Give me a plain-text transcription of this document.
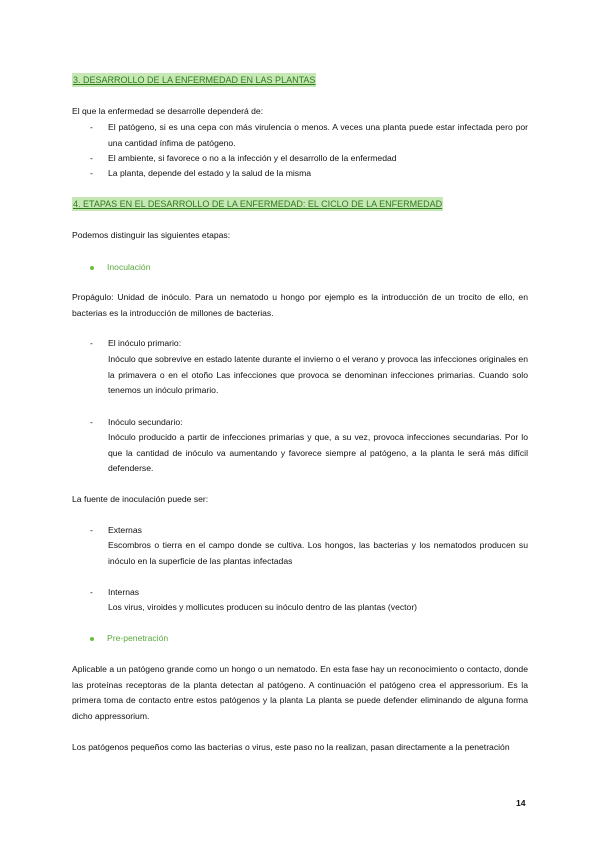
3. DESARROLLO DE LA ENFERMEDAD EN LAS PLANTAS
El que la enfermedad se desarrolle dependerá de:
- El patógeno, si es una cepa con más virulencia o menos. A veces una planta puede estar infectada pero por una cantidad ínfima de patógeno.
- El ambiente, si favorece o no a la infección y el desarrollo de la enfermedad
- La planta, depende del estado y la salud de la misma
4. ETAPAS EN EL DESARROLLO DE LA ENFERMEDAD: EL CICLO DE LA ENFERMEDAD
Podemos distinguir las siguientes etapas:
Inoculación
Propágulo: Unidad de inóculo. Para un nematodo u hongo por ejemplo es la introducción de un trocito de ello, en bacterias es la introducción de millones de bacterias.
- El inóculo primario:
Inóculo que sobrevive en estado latente durante el invierno o el verano y provoca las infecciones originales en la primavera o en el otoño Las infecciones que provoca se denominan infecciones primarias. Cuando solo tenemos un inóculo primario.
- Inóculo secundario:
Inóculo producido a partir de infecciones primarias y que, a su vez, provoca infecciones secundarias. Por lo que la cantidad de inóculo va aumentando y favorece siempre al patógeno, a la planta le será más difícil defenderse.
La fuente de inoculación puede ser:
- Externas
Escombros o tierra en el campo donde se cultiva. Los hongos, las bacterias y los nematodos producen su inóculo en la superficie de las plantas infectadas
- Internas
Los virus, viroides y mollicutes producen su inóculo dentro de las plantas (vector)
Pre-penetración
Aplicable a un patógeno grande como un hongo o un nematodo. En esta fase hay un reconocimiento o contacto, donde las proteínas receptoras de la planta detectan al patógeno. A continuación el patógeno crea el appressorium. Es la primera toma de contacto entre estos patógenos y la planta La planta se puede defender eliminando de alguna forma dicho appressorium.
Los patógenos pequeños como las bacterias o virus, este paso no la realizan, pasan directamente a la penetración
14
